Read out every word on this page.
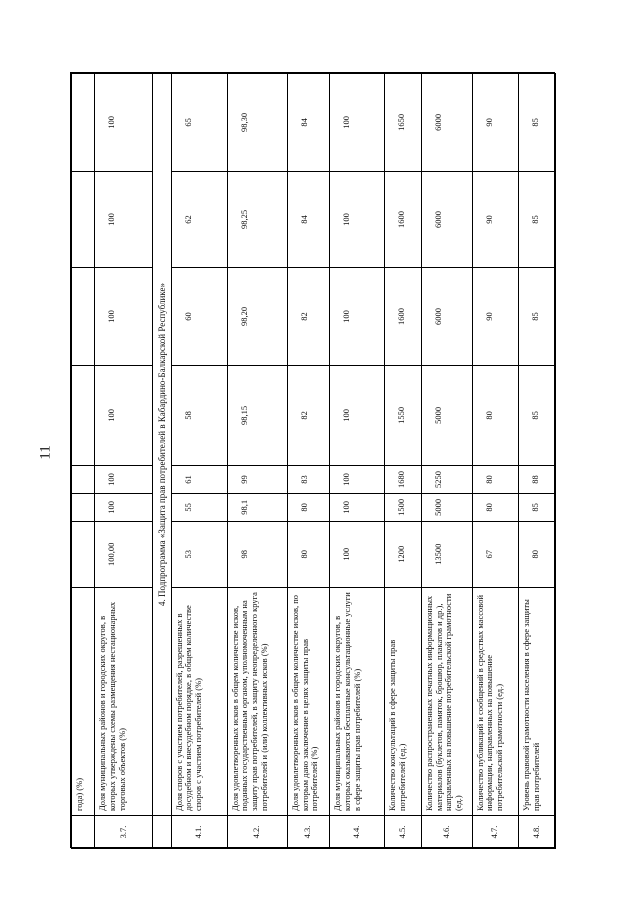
11
	года) (%)							
3.7.	Доля муниципальных районов и городских округов, в которых утверждены схемы размещения нестационарных торговых объектов (%)	100,00	100	100	100	100	100	100
	4. Подпрограмма «Защита прав потребителей в Кабардино-Балкарской Республике»							
4.1.	Доля споров с участием потребителей, разрешенных в досудебном и внесудебном порядке, в общем количестве споров с участием потребителей (%)	53	55	61	58	60	62	65
4.2.	Доля удовлетворенных исков в общем количестве исков, поданных государственным органом, уполномоченным на защиту прав потребителей, в защиту неопределенного круга потребителей и (или) коллективных исков (%)	98	98,1	99	98,15	98,20	98,25	98,30
4.3.	Доля удовлетворенных исков в общем количестве исков, по которым дано заключение в целях защиты прав потребителей (%)	80	80	83	82	82	84	84
4.4.	Доля муниципальных районов и городских округов, в которых оказываются бесплатные консультационные услуги в сфере защиты прав потребителей (%)	100	100	100	100	100	100	100
4.5.	Количество консультаций в сфере защиты прав потребителей (ед.)	1200	1500	1680	1550	1600	1600	1650
4.6.	Количество распространенных печатных информационных материалов (буклетов, памяток, брошюр, плакатов и др.), направленных на повышение потребительской грамотности (ед.)	13500	5000	5250	5000	6000	6000	6000
4.7.	Количество публикаций и сообщений в средствах массовой информации, направленных на повышение потребительской грамотности (ед.)	67	80	80	80	90	90	90
4.8.	Уровень правовой грамотности населения в сфере защиты прав потребителей	80	85	88	85	85	85	85
